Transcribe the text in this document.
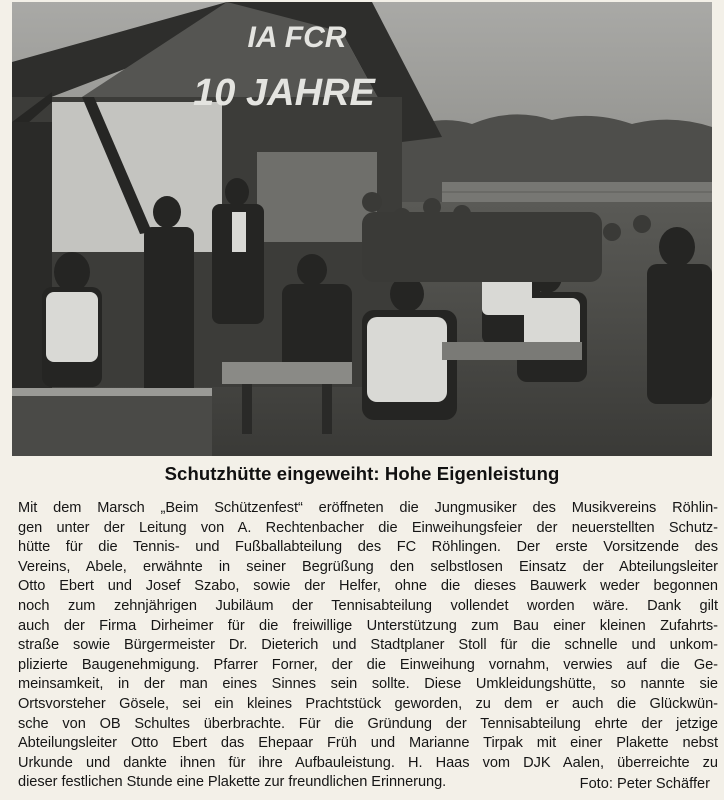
IA FCR
10 JAHRE
Schutzhütte eingeweiht: Hohe Eigenleistung
Mit dem Marsch „Beim Schützenfest“ eröffneten die Jungmusiker des Musikvereins Röhlin-
gen unter der Leitung von A. Rechtenbacher die Einweihungsfeier der neuerstellten Schutz-
hütte für die Tennis- und Fußballabteilung des FC Röhlingen. Der erste Vorsitzende des
Vereins, Abele, erwähnte in seiner Begrüßung den selbstlosen Einsatz der Abteilungsleiter
Otto Ebert und Josef Szabo, sowie der Helfer, ohne die dieses Bauwerk weder begonnen
noch zum zehnjährigen Jubiläum der Tennisabteilung vollendet worden wäre. Dank gilt
auch der Firma Dirheimer für die freiwillige Unterstützung zum Bau einer kleinen Zufahrts-
straße sowie Bürgermeister Dr. Dieterich und Stadtplaner Stoll für die schnelle und unkom-
plizierte Baugenehmigung. Pfarrer Forner, der die Einweihung vornahm, verwies auf die Ge-
meinsamkeit, in der man eines Sinnes sein sollte. Diese Umkleidungshütte, so nannte sie
Ortsvorsteher Gösele, sei ein kleines Prachtstück geworden, zu dem er auch die Glückwün-
sche von OB Schultes überbrachte. Für die Gründung der Tennisabteilung ehrte der jetzige
Abteilungsleiter Otto Ebert das Ehepaar Früh und Marianne Tirpak mit einer Plakette nebst
Urkunde und dankte ihnen für ihre Aufbauleistung. H. Haas vom DJK Aalen, überreichte zu
dieser festlichen Stunde eine Plakette zur freundlichen Erinnerung.	Foto: Peter Schäffer
